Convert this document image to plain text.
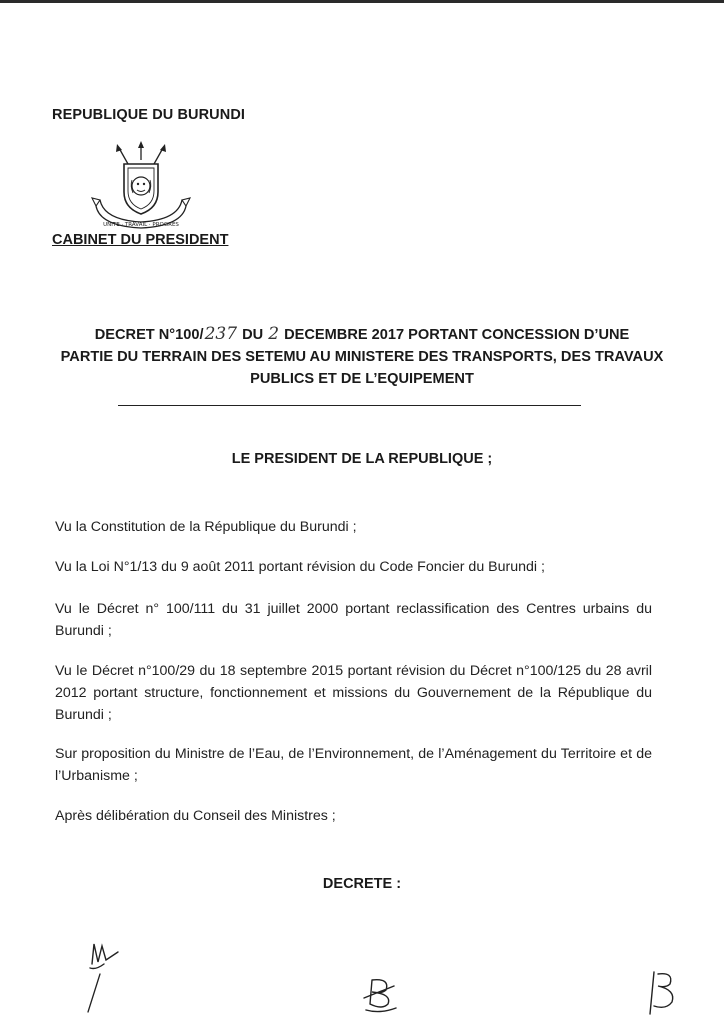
REPUBLIQUE DU BURUNDI
UNITE · TRAVAIL · PROGRES
CABINET DU PRESIDENT
DECRET N°100/237 DU 2 DECEMBRE 2017 PORTANT CONCESSION D’UNE
PARTIE DU TERRAIN DES SETEMU AU MINISTERE DES TRANSPORTS, DES TRAVAUX
PUBLICS ET DE L’EQUIPEMENT
LE PRESIDENT DE LA REPUBLIQUE ;
Vu la Constitution de la République du Burundi ;
Vu la Loi N°1/13 du 9 août 2011 portant révision du Code Foncier du Burundi ;
Vu le Décret n° 100/111 du 31 juillet 2000 portant reclassification des Centres urbains du Burundi ;
Vu le Décret n°100/29 du 18 septembre 2015 portant révision du Décret n°100/125 du 28 avril 2012 portant structure, fonctionnement et missions du Gouvernement de la République du Burundi ;
Sur proposition du Ministre de l’Eau, de l’Environnement, de l’Aménagement du Territoire et de l’Urbanisme ;
Après délibération du Conseil des Ministres ;
DECRETE :
